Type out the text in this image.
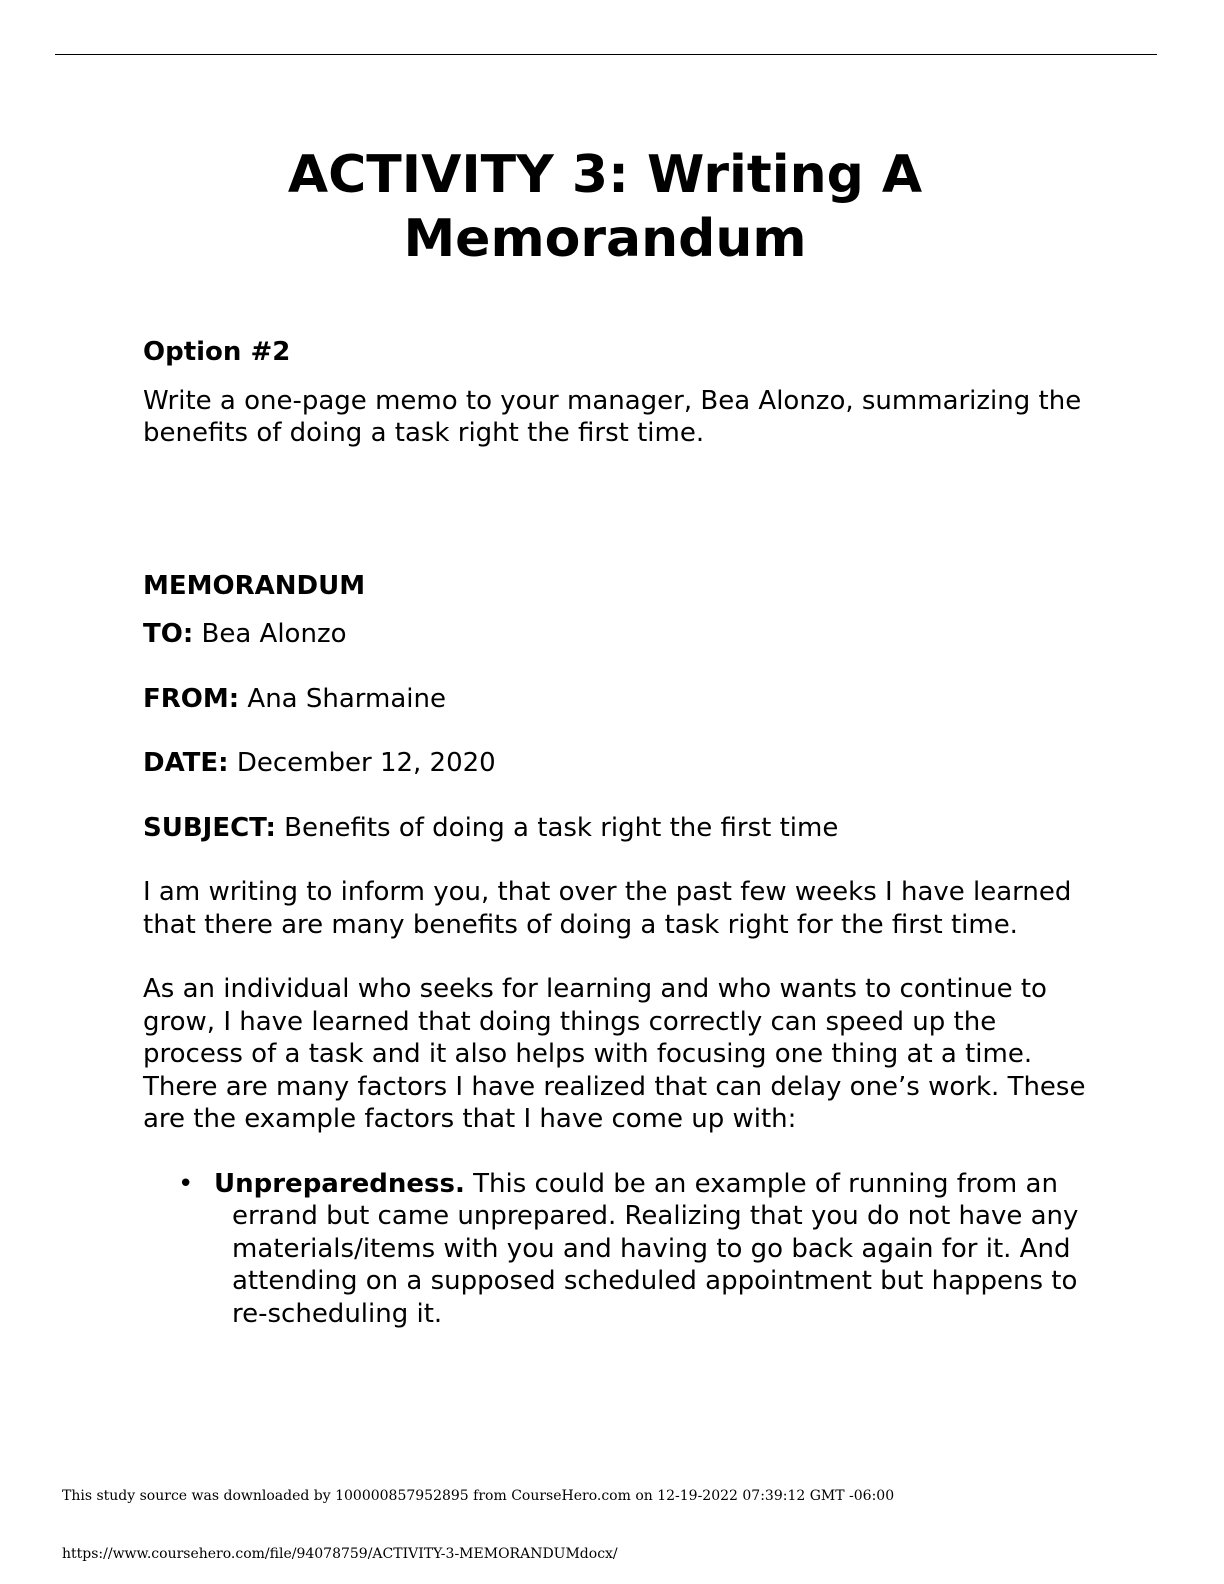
ACTIVITY 3: Writing A Memorandum

Option #2

Write a one-page memo to your manager, Bea Alonzo, summarizing the benefits of doing a task right the first time.

MEMORANDUM

TO: Bea Alonzo

FROM: Ana Sharmaine

DATE: December 12, 2020

SUBJECT: Benefits of doing a task right the first time

I am writing to inform you, that over the past few weeks I have learned that there are many benefits of doing a task right for the first time.

As an individual who seeks for learning and who wants to continue to grow, I have learned that doing things correctly can speed up the process of a task and it also helps with focusing one thing at a time. There are many factors I have realized that can delay one’s work. These are the example factors that I have come up with:

• Unpreparedness. This could be an example of running from an errand but came unprepared. Realizing that you do not have any materials/items with you and having to go back again for it. And attending on a supposed scheduled appointment but happens to re-scheduling it.
This study source was downloaded by 100000857952895 from CourseHero.com on 12-19-2022 07:39:12 GMT -06:00
https://www.coursehero.com/file/94078759/ACTIVITY-3-MEMORANDUMdocx/
